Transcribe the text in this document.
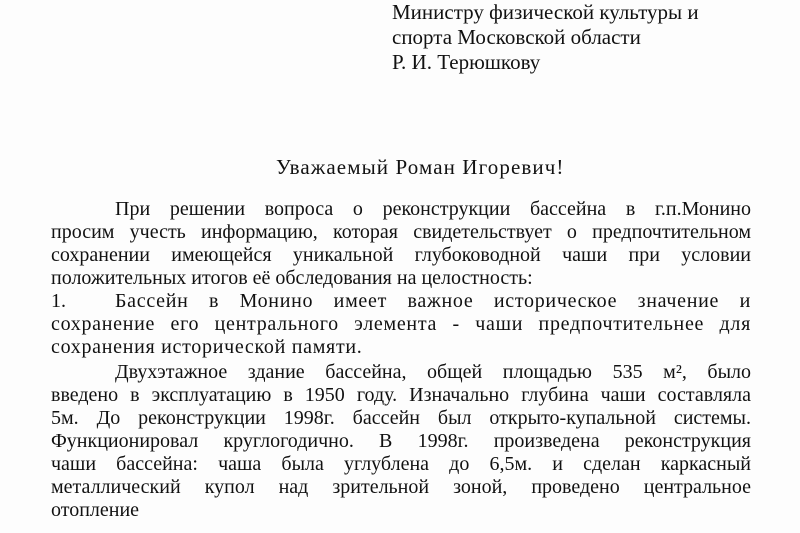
Министру физической культуры и
спорта Московской области
Р. И. Терюшкову
Уважаемый Роман Игоревич!
При решении вопроса о реконструкции бассейна в г.п.Монино
просим учесть информацию, которая свидетельствует о предпочтительном
сохранении имеющейся уникальной глубоководной чаши при условии
положительных итогов её обследования на целостность:
1.	Бассейн в Монино имеет важное историческое значение и
сохранение его центрального элемента - чаши предпочтительнее для
сохранения исторической памяти.
Двухэтажное здание бассейна, общей площадью 535 м², было
введено в эксплуатацию в 1950 году. Изначально глубина чаши составляла
5м. До реконструкции 1998г. бассейн был открыто-купальной системы.
Функционировал круглогодично. В 1998г. произведена реконструкция
чаши бассейна: чаша была углублена до 6,5м. и сделан каркасный
металлический купол над зрительной зоной, проведено центральное
отопление
